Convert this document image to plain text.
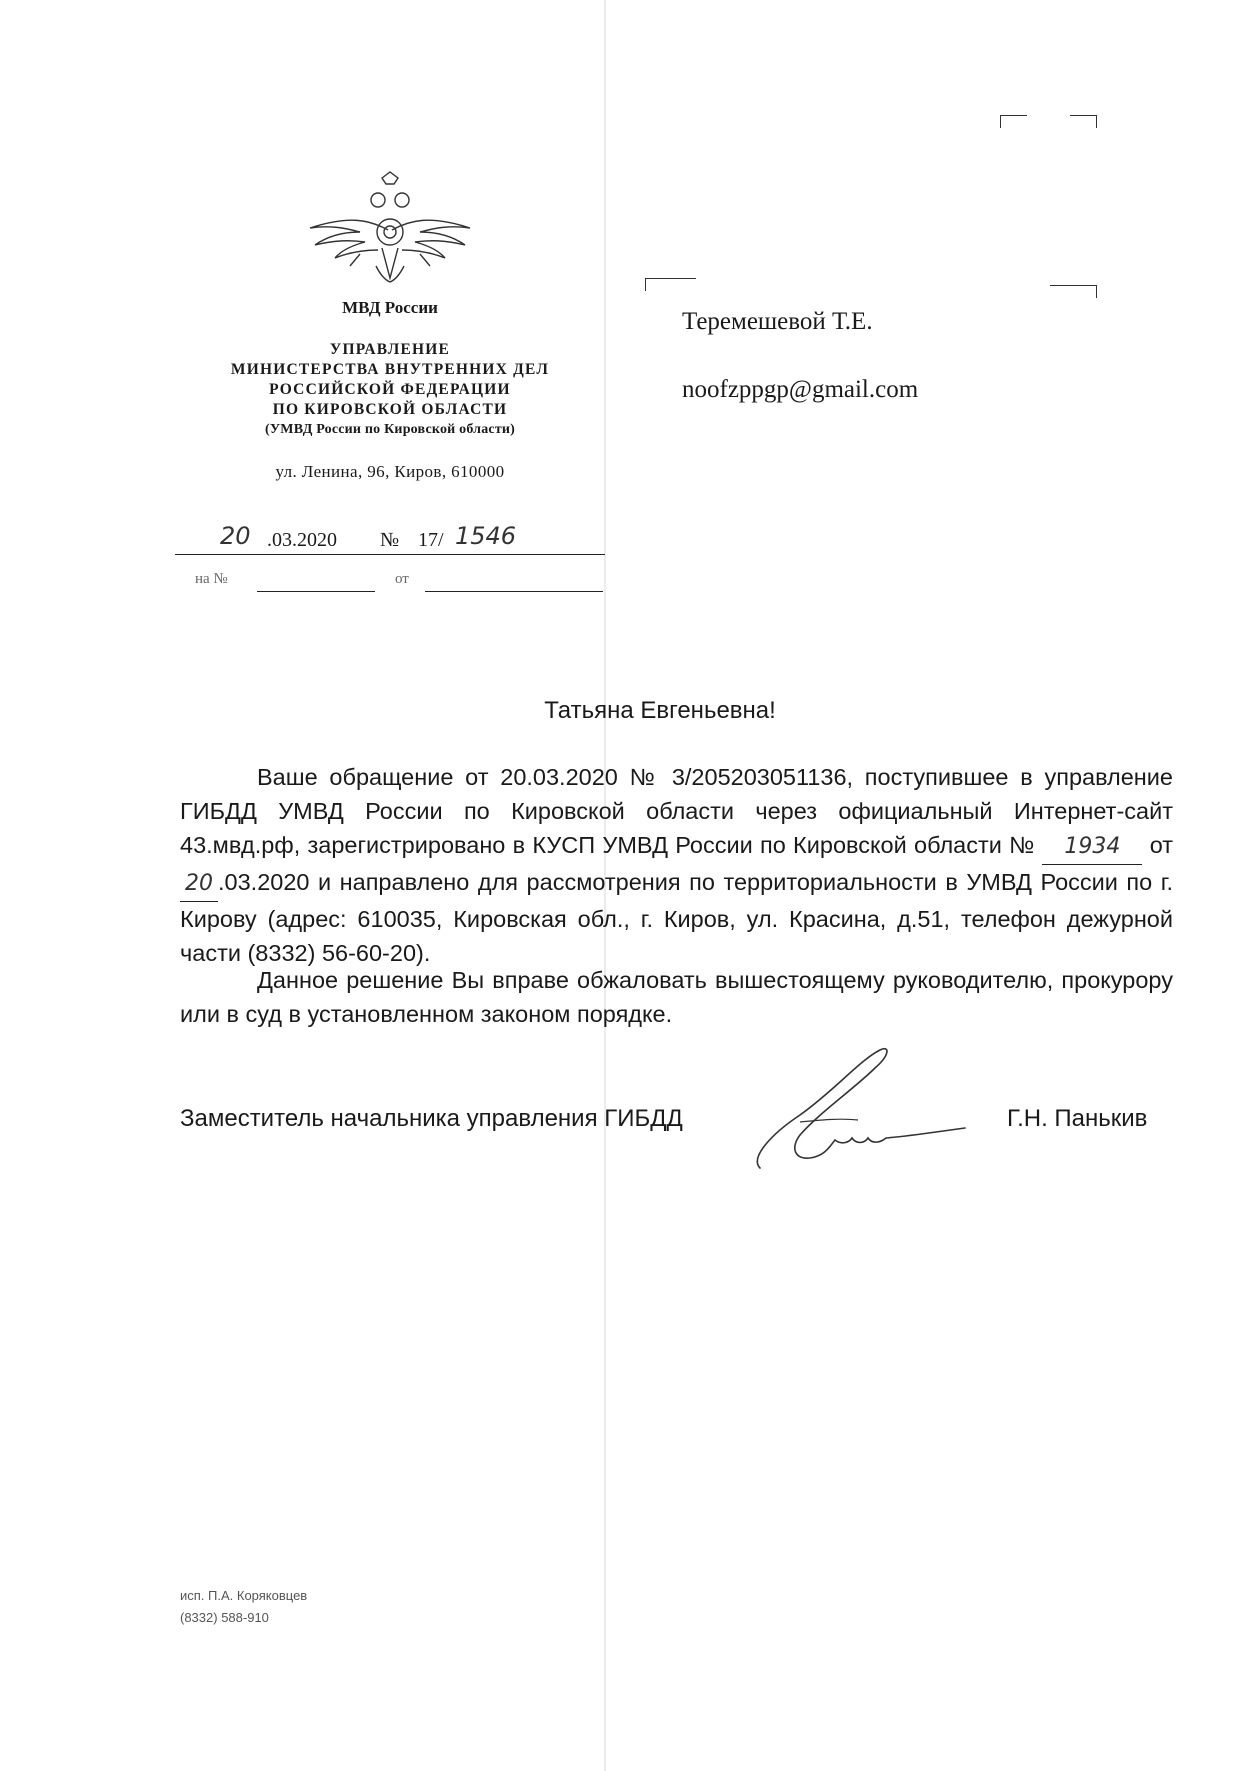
МВД России
УПРАВЛЕНИЕ
МИНИСТЕРСТВА ВНУТРЕННИХ ДЕЛ
РОССИЙСКОЙ ФЕДЕРАЦИИ
ПО КИРОВСКОЙ ОБЛАСТИ
(УМВД России по Кировской области)
ул. Ленина, 96, Киров, 610000
20 .03.2020 № 17/ 1546
на №	от
Теремешевой Т.Е.
noofzppgp@gmail.com
Татьяна Евгеньевна!

Ваше обращение от 20.03.2020 № 3/205203051136, поступившее в управление ГИБДД УМВД России по Кировской области через официальный Интернет-сайт 43.мвд.рф, зарегистрировано в КУСП УМВД России по Кировской области № 1934 от 20 .03.2020 и направлено для рассмотрения по территориальности в УМВД России по г. Кирову (адрес: 610035, Кировская обл., г. Киров, ул. Красина, д.51, телефон дежурной части (8332) 56-60-20).

Данное решение Вы вправе обжаловать вышестоящему руководителю, прокурору или в суд в установленном законом порядке.

Заместитель начальника управления ГИБДД	Г.Н. Панькив
исп. П.А. Коряковцев
(8332) 588-910
